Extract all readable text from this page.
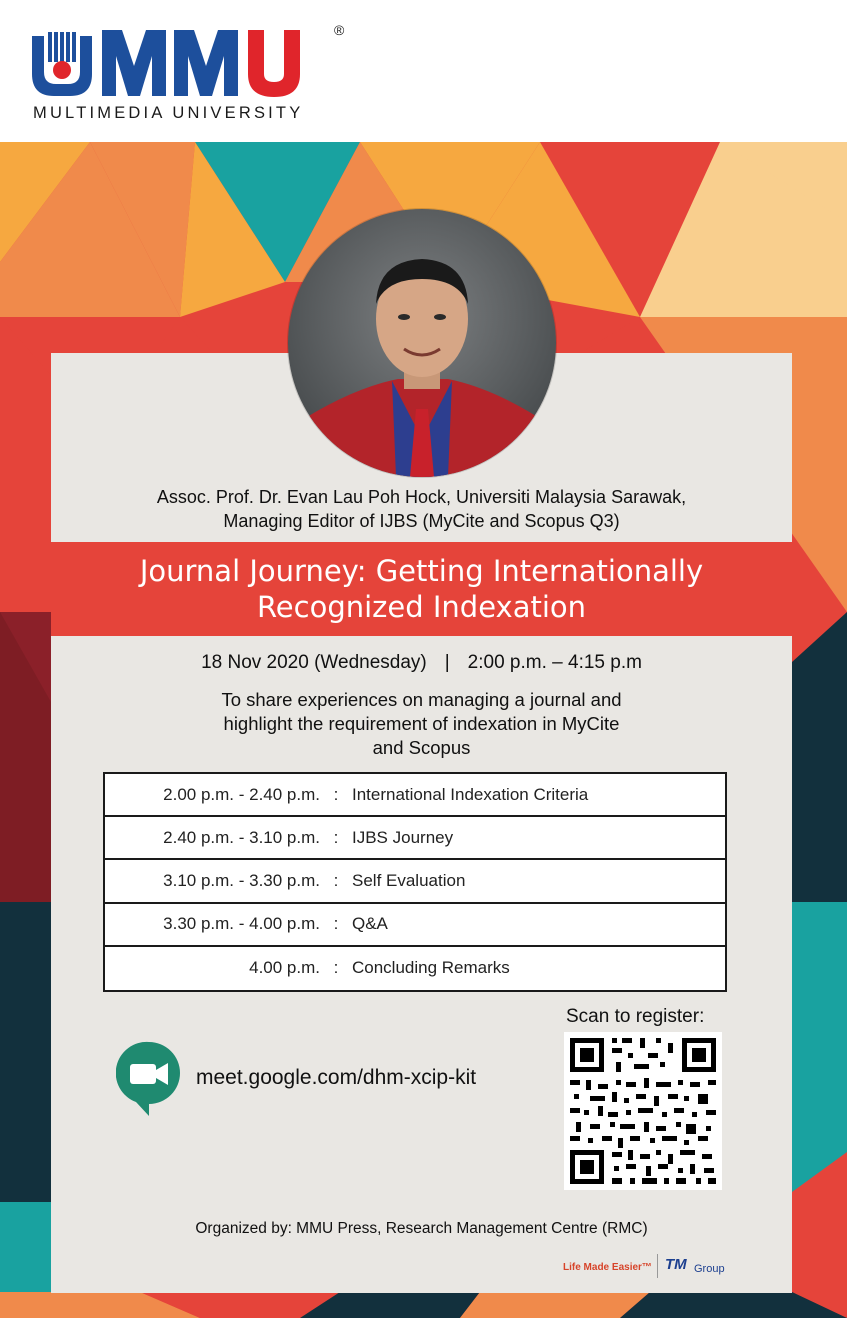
®
MULTIMEDIA UNIVERSITY
Assoc. Prof. Dr. Evan Lau Poh Hock, Universiti Malaysia Sarawak,
Managing Editor of IJBS (MyCite and Scopus Q3)
Journal Journey: Getting Internationally
Recognized Indexation
18 Nov 2020 (Wednesday) | 2:00 p.m. – 4:15 p.m
To share experiences on managing a journal and
highlight the requirement of indexation in MyCite
and Scopus
2.00 p.m. - 2.40 p.m. : International Indexation Criteria
2.40 p.m. - 3.10 p.m. : IJBS Journey
3.10 p.m. - 3.30 p.m. : Self Evaluation
3.30 p.m. - 4.00 p.m. : Q&A
4.00 p.m. : Concluding Remarks
meet.google.com/dhm-xcip-kit
Scan to register:
Organized by: MMU Press, Research Management Centre (RMC)
Life Made Easier™ TM Group
